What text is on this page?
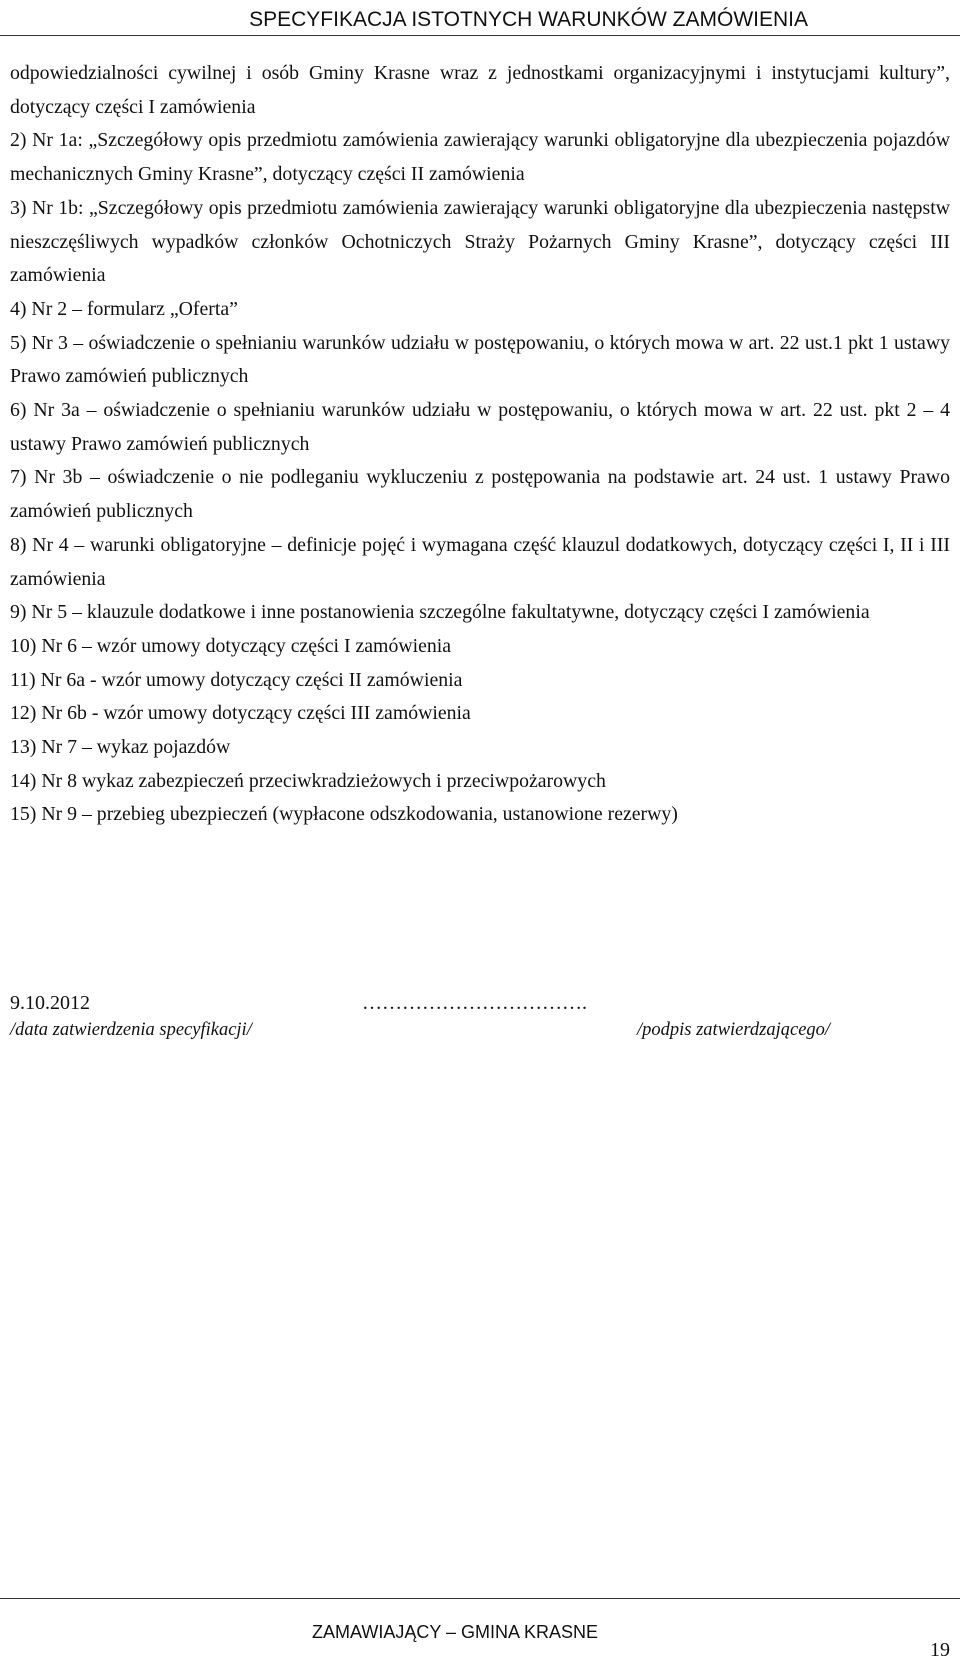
SPECYFIKACJA ISTOTNYCH WARUNKÓW ZAMÓWIENIA

odpowiedzialności cywilnej i osób Gminy Krasne wraz z jednostkami organizacyjnymi i instytucjami kultury”, dotyczący części I zamówienia

2) Nr 1a: „Szczegółowy opis przedmiotu zamówienia zawierający warunki obligatoryjne dla ubezpieczenia pojazdów mechanicznych Gminy Krasne”, dotyczący części II zamówienia

3) Nr 1b: „Szczegółowy opis przedmiotu zamówienia zawierający warunki obligatoryjne dla ubezpieczenia następstw nieszczęśliwych wypadków członków Ochotniczych Straży Pożarnych Gminy Krasne”, dotyczący części III zamówienia

4) Nr 2 – formularz „Oferta”

5) Nr 3 – oświadczenie o spełnianiu warunków udziału w postępowaniu, o których mowa w art. 22 ust.1 pkt 1 ustawy Prawo zamówień publicznych

6) Nr 3a – oświadczenie o spełnianiu warunków udziału w postępowaniu, o których mowa w art. 22 ust. pkt 2 – 4 ustawy Prawo zamówień publicznych

7) Nr 3b – oświadczenie o nie podleganiu wykluczeniu z postępowania na podstawie art. 24 ust. 1 ustawy Prawo zamówień publicznych

8) Nr 4 – warunki obligatoryjne – definicje pojęć i wymagana część klauzul dodatkowych, dotyczący części I, II i III zamówienia

9) Nr 5 – klauzule dodatkowe i inne postanowienia szczególne fakultatywne, dotyczący części I zamówienia

10) Nr 6 – wzór umowy dotyczący części I zamówienia

11) Nr 6a - wzór umowy dotyczący części II zamówienia

12) Nr 6b - wzór umowy dotyczący części III zamówienia

13) Nr 7 – wykaz pojazdów

14) Nr 8 wykaz zabezpieczeń przeciwkradzieżowych i przeciwpożarowych

15) Nr 9 – przebieg ubezpieczeń (wypłacone odszkodowania, ustanowione rezerwy)

9.10.2012	…………………………….
/data zatwierdzenia specyfikacji/	/podpis zatwierdzającego/
ZAMAWIAJĄCY – GMINA KRASNE
19
